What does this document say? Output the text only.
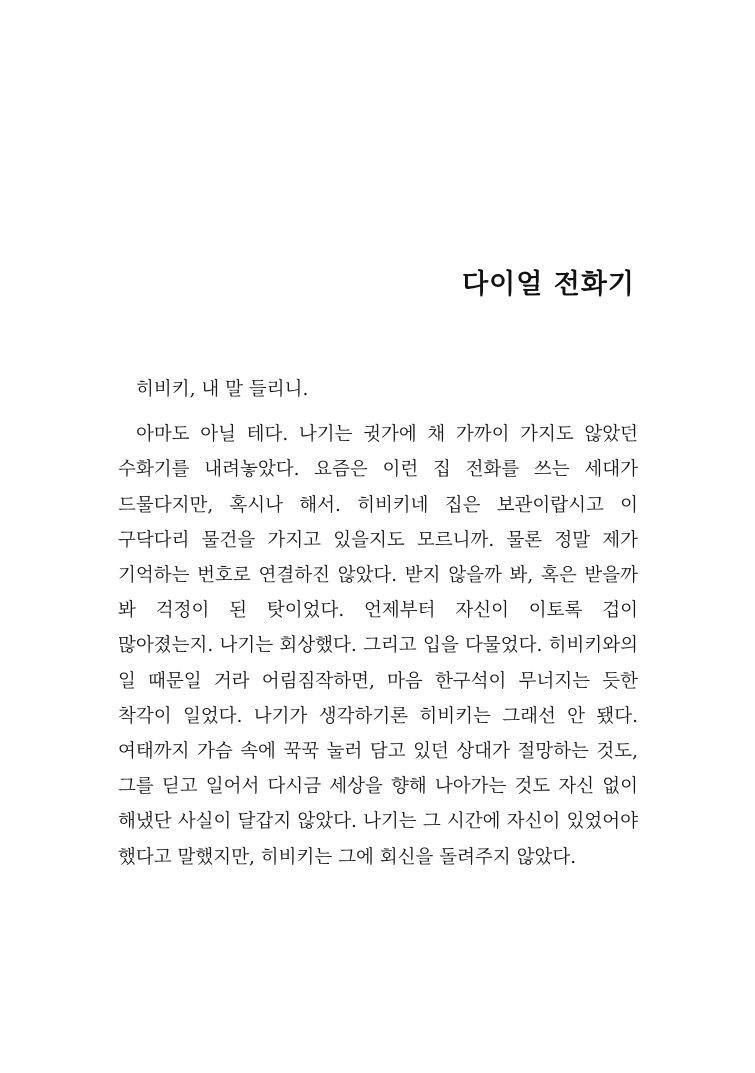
다이얼 전화기

히비키, 내 말 들리니.

아마도 아닐 테다. 나기는 귓가에 채 가까이 가지도 않았던 수화기를 내려놓았다. 요즘은 이런 집 전화를 쓰는 세대가 드물다지만, 혹시나 해서. 히비키네 집은 보관이랍시고 이 구닥다리 물건을 가지고 있을지도 모르니까. 물론 정말 제가 기억하는 번호로 연결하진 않았다. 받지 않을까 봐, 혹은 받을까 봐 걱정이 된 탓이었다. 언제부터 자신이 이토록 겁이 많아졌는지. 나기는 회상했다. 그리고 입을 다물었다. 히비키와의 일 때문일 거라 어림짐작하면, 마음 한구석이 무너지는 듯한 착각이 일었다. 나기가 생각하기론 히비키는 그래선 안 됐다. 여태까지 가슴 속에 꾹꾹 눌러 담고 있던 상대가 절망하는 것도, 그를 딛고 일어서 다시금 세상을 향해 나아가는 것도 자신 없이 해냈단 사실이 달갑지 않았다. 나기는 그 시간에 자신이 있었어야 했다고 말했지만, 히비키는 그에 회신을 돌려주지 않았다.
